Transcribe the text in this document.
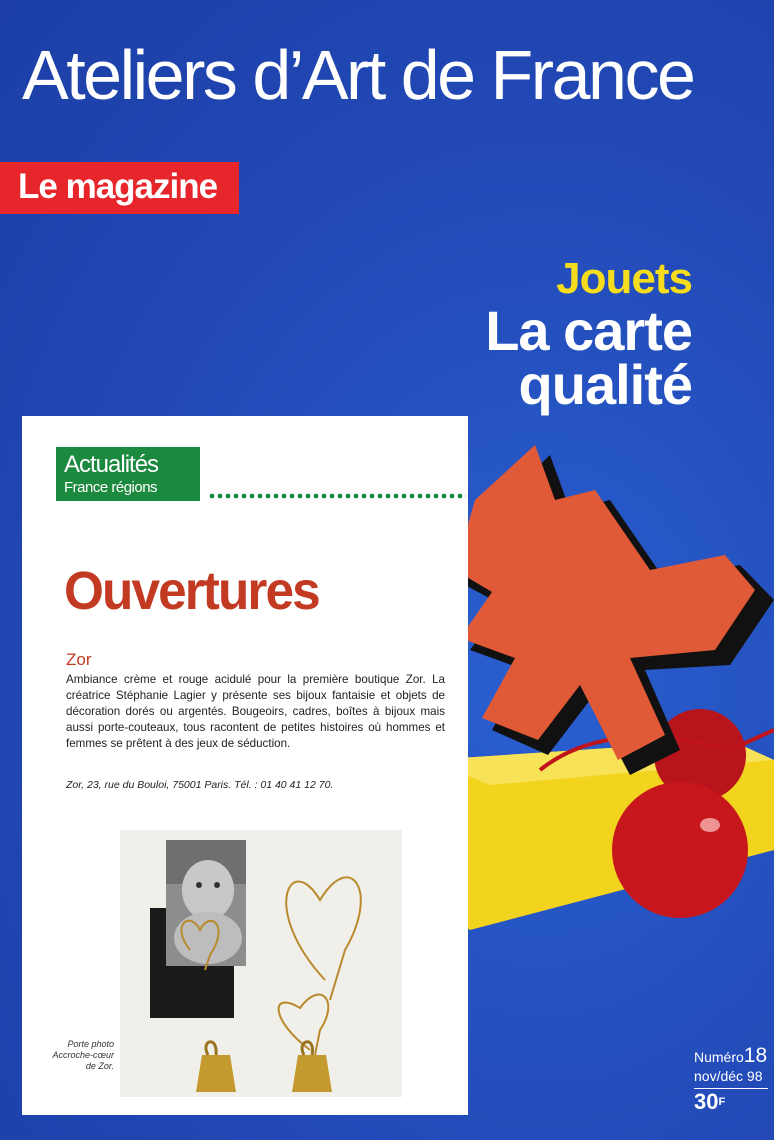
Ateliers d’Art de France
Le magazine
Jouets
La carte
qualité
Actualités
France régions
Ouvertures
Zor
Ambiance crème et rouge acidulé pour la première boutique Zor. La créatrice Stéphanie Lagier y présente ses bijoux fantaisie et objets de décoration dorés ou argentés. Bougeoirs, cadres, boîtes à bijoux mais aussi porte-couteaux, tous racontent de petites histoires où hommes et femmes se prêtent à des jeux de séduction.
Zor, 23, rue du Bouloi, 75001 Paris. Tél. : 01 40 41 12 70.
Porte photo
Accroche-cœur
de Zor.
Numéro18
nov/déc 98
$30^F$
